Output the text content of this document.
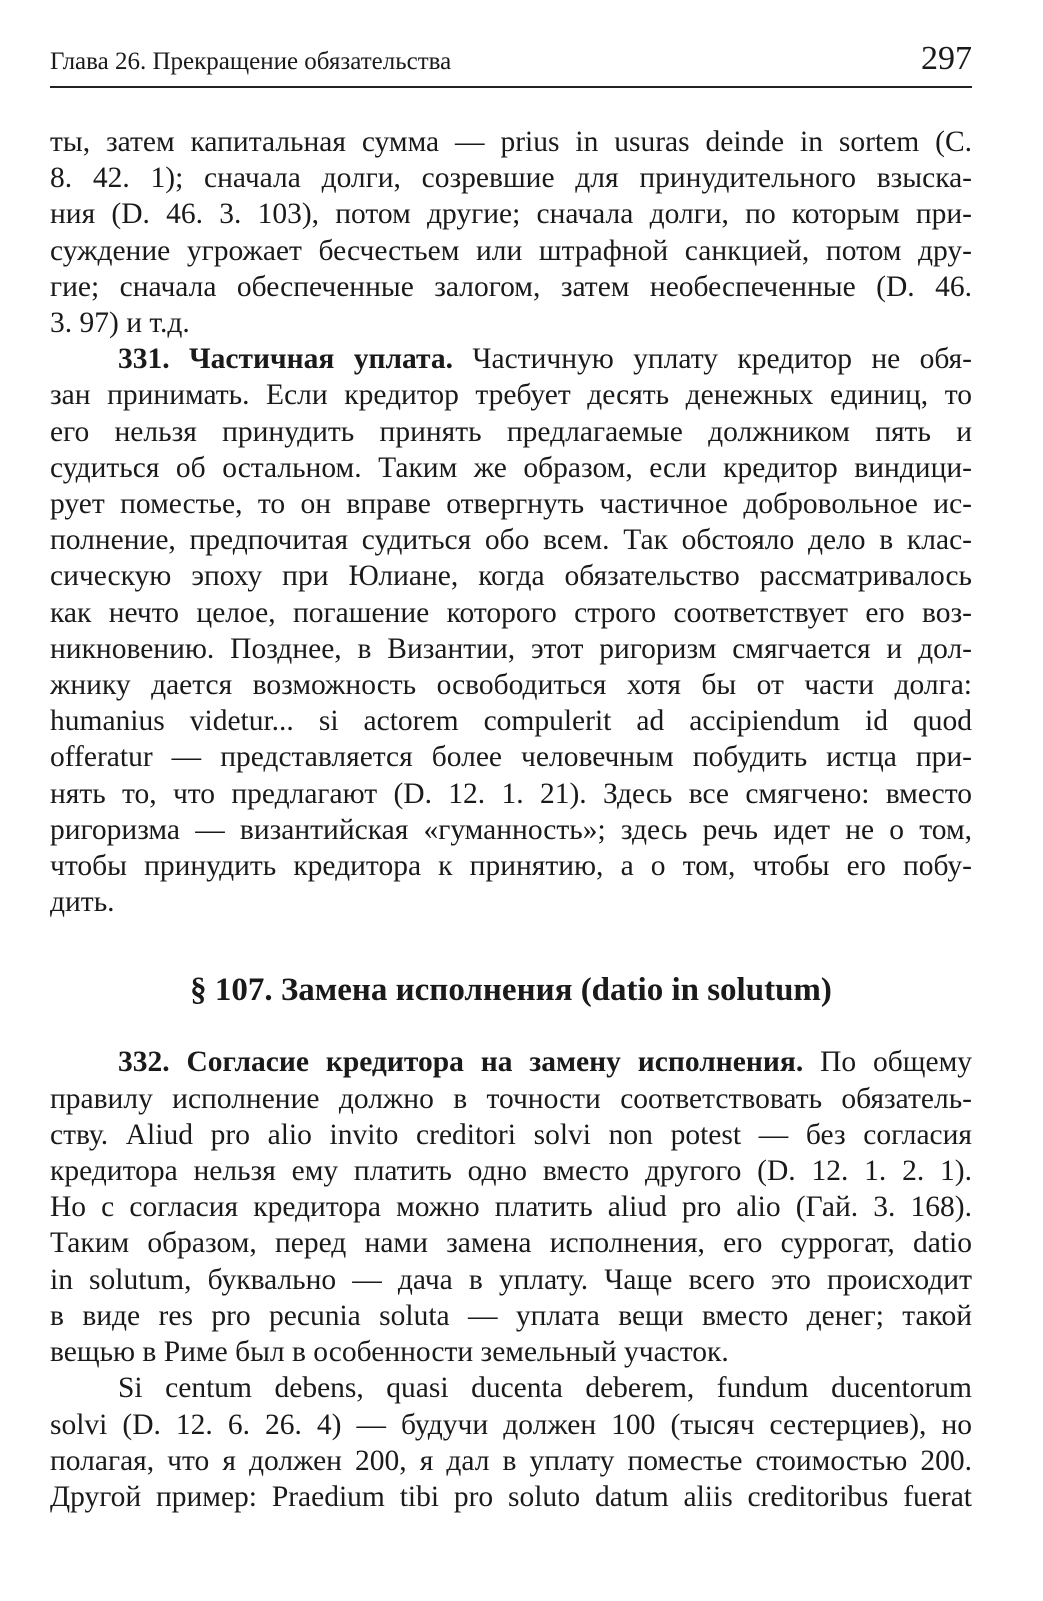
Глава 26. Прекращение обязательства	297
ты, затем капитальная сумма — prius in usuras deinde in sortem (C.
8. 42. 1); сначала долги, созревшие для принудительного взыска-
ния (D. 46. 3. 103), потом другие; сначала долги, по которым при-
суждение угрожает бесчестьем или штрафной санкцией, потом дру-
гие; сначала обеспеченные залогом, затем необеспеченные (D. 46.
3. 97) и т.д.
331. Частичная уплата. Частичную уплату кредитор не обя-
зан принимать. Если кредитор требует десять денежных единиц, то
его нельзя принудить принять предлагаемые должником пять и
судиться об остальном. Таким же образом, если кредитор виндици-
рует поместье, то он вправе отвергнуть частичное добровольное ис-
полнение, предпочитая судиться обо всем. Так обстояло дело в клас-
сическую эпоху при Юлиане, когда обязательство рассматривалось
как нечто целое, погашение которого строго соответствует его воз-
никновению. Позднее, в Византии, этот ригоризм смягчается и дол-
жнику дается возможность освободиться хотя бы от части долга:
humanius videtur... si actorem compulerit ad accipiendum id quod
offeratur — представляется более человечным побудить истца при-
нять то, что предлагают (D. 12. 1. 21). Здесь все смягчено: вместо
ригоризма — византийская «гуманность»; здесь речь идет не о том,
чтобы принудить кредитора к принятию, а о том, чтобы его побу-
дить.
§ 107. Замена исполнения (datio in solutum)
332. Согласие кредитора на замену исполнения. По общему
правилу исполнение должно в точности соответствовать обязатель-
ству. Aliud pro alio invito creditori solvi non potest — без согласия
кредитора нельзя ему платить одно вместо другого (D. 12. 1. 2. 1).
Но с согласия кредитора можно платить aliud pro alio (Гай. 3. 168).
Таким образом, перед нами замена исполнения, его суррогат, datio
in solutum, буквально — дача в уплату. Чаще всего это происходит
в виде res pro pecunia soluta — уплата вещи вместо денег; такой
вещью в Риме был в особенности земельный участок.
Si centum debens, quasi ducenta deberem, fundum ducentorum
solvi (D. 12. 6. 26. 4) — будучи должен 100 (тысяч сестерциев), но
полагая, что я должен 200, я дал в уплату поместье стоимостью 200.
Другой пример: Praedium tibi pro soluto datum aliis creditoribus fuerat
